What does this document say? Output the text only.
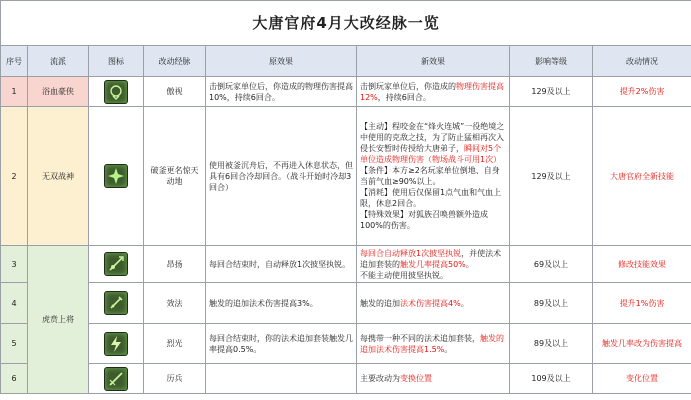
大唐官府4月大改经脉一览							
序号	流派	图标	改动经脉	原效果	新效果	影响等级	改动情况
1	浴血豪侠		傲视	击倒玩家单位后，你造成的物理伤害提高10%，持续6回合。	击倒玩家单位后，你造成的物理伤害提高12%，持续6回合。	129及以上	提升2%伤害
2	无双战神		破釜更名惊天动地	使用被釜沉舟后，不再进入休息状态，但具有6回合冷却回合。（战斗开始时冷却3回合）	【主动】程咬金在“烽火连城”一役绝境之中使用的克敌之技，为了防止猛相再次入侵长安暂时传授给大唐弟子，瞬间对5个单位造成物理伤害（物场战斗可用1次）
【条件】本方≥2名玩家单位倒地、自身当前气血≥90%以上。
【消耗】使用后仅保留1点气血和气血上限，休息2回合。
【特殊效果】对狐族召唤兽额外造成100%的伤害。	129及以上	大唐官府全新技能
3	虎贲上将		昂扬	每回合结束时，自动释放1次披坚执锐。	每回合自动释放1次披坚执锐，并使法术追加套装的触发几率提高50%。
不能主动使用披坚执锐。	69及以上	修改技能效果
4			效法	触发的追加法术伤害提高3%。	触发的追加法术伤害提高4%。	89及以上	提升1%伤害
5			烈光	每回合结束时，你的法术追加套装触发几率提高0.5%。	每携带一种不同的法术追加套装，触发的追加法术伤害提高1.5%。	89及以上	触发几率改为伤害提高
6			历兵		主要改动为变换位置	109及以上	变化位置
